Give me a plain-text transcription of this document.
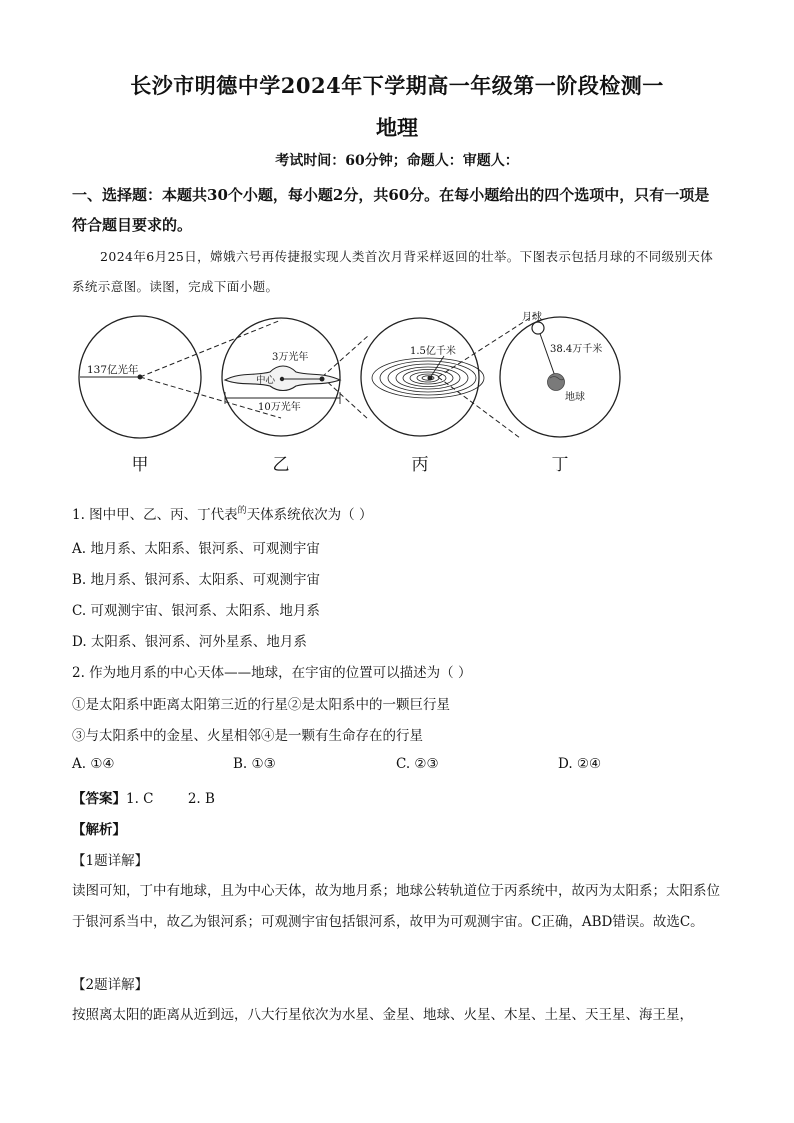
长沙市明德中学2024年下学期高一年级第一阶段检测一
地理
考试时间：60分钟；命题人：审题人：
一、选择题：本题共30个小题，每小题2分，共60分。在每小题给出的四个选项中，只有一项是符合题目要求的。
2024年6月25日，嫦娥六号再传捷报实现人类首次月背采样返回的壮举。下图表示包括月球的不同级别天体系统示意图。读图，完成下面小题。
137亿光年
3万光年
中心
10万光年
1.5亿千米
月球
38.4万千米
地球
甲	乙	丙	丁
1. 图中甲、乙、丙、丁代表$^的$天体系统依次为（ ）
A. 地月系、太阳系、银河系、可观测宇宙
B. 地月系、银河系、太阳系、可观测宇宙
C. 可观测宇宙、银河系、太阳系、地月系
D. 太阳系、银河系、河外星系、地月系
2. 作为地月系的中心天体——地球，在宇宙的位置可以描述为（ ）
①是太阳系中距离太阳第三近的行星②是太阳系中的一颗巨行星
③与太阳系中的金星、火星相邻④是一颗有生命存在的行星
A. ①④	B. ①③	C. ②③	D. ②④
【答案】1. C        2. B
【解析】
【1题详解】
读图可知，丁中有地球，且为中心天体，故为地月系；地球公转轨道位于丙系统中，故丙为太阳系；太阳系位于银河系当中，故乙为银河系；可观测宇宙包括银河系，故甲为可观测宇宙。C正确，ABD错误。故选C。
【2题详解】
按照离太阳的距离从近到远，八大行星依次为水星、金星、地球、火星、木星、土星、天王星、海王星，
